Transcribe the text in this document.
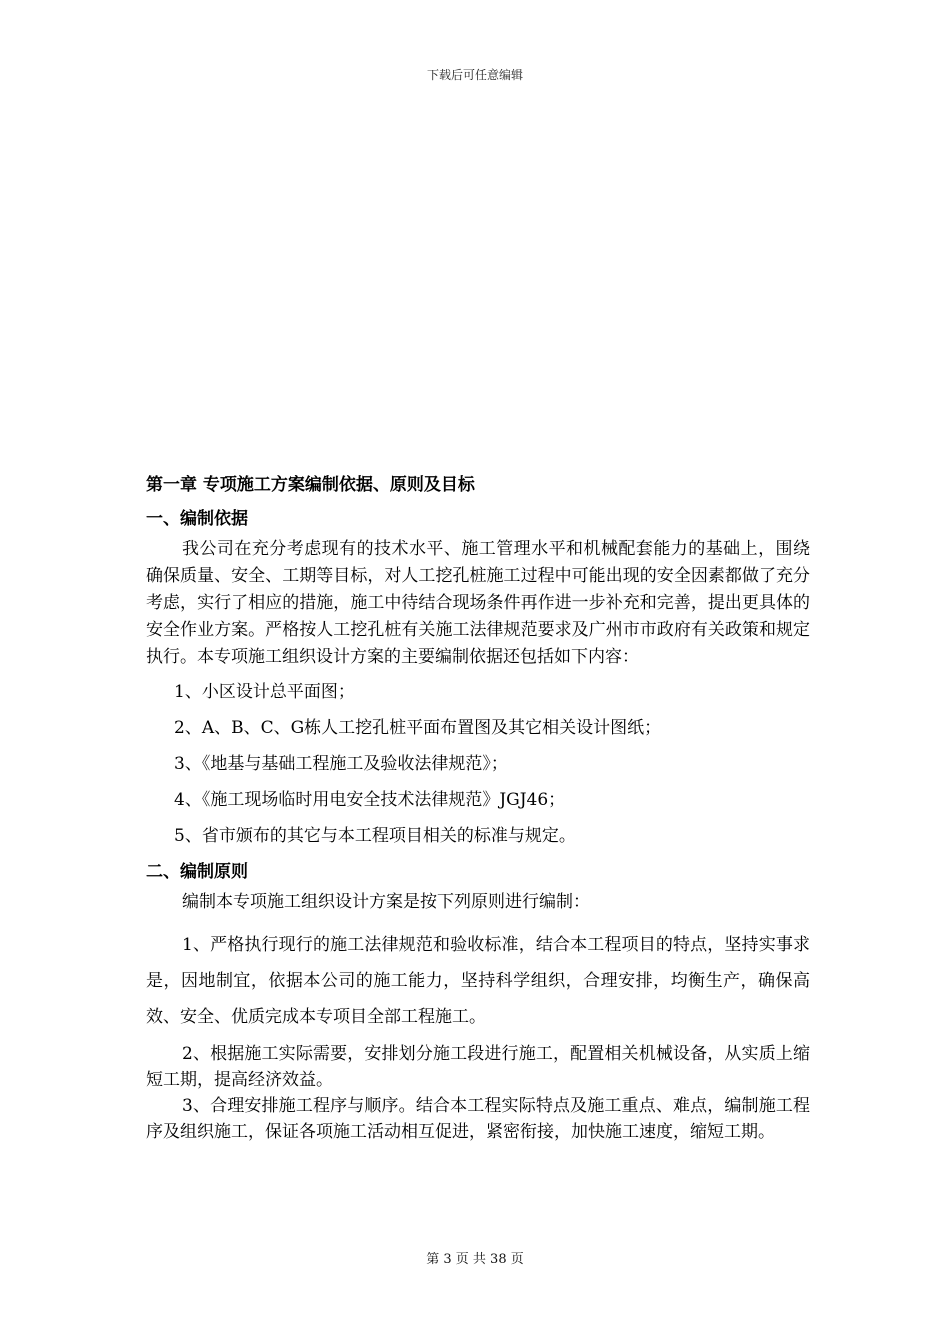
下载后可任意编辑
第一章 专项施工方案编制依据、原则及目标
一、编制依据

我公司在充分考虑现有的技术水平、施工管理水平和机械配套能力的基础上，围绕确保质量、安全、工期等目标，对人工挖孔桩施工过程中可能出现的安全因素都做了充分考虑，实行了相应的措施，施工中待结合现场条件再作进一步补充和完善，提出更具体的安全作业方案。严格按人工挖孔桩有关施工法律规范要求及广州市市政府有关政策和规定执行。本专项施工组织设计方案的主要编制依据还包括如下内容：

1、小区设计总平面图；
2、A、B、C、G栋人工挖孔桩平面布置图及其它相关设计图纸；
3、《地基与基础工程施工及验收法律规范》；
4、《施工现场临时用电安全技术法律规范》JGJ46；
5、省市颁布的其它与本工程项目相关的标准与规定。
二、编制原则

编制本专项施工组织设计方案是按下列原则进行编制：

1、严格执行现行的施工法律规范和验收标准，结合本工程项目的特点，坚持实事求是，因地制宜，依据本公司的施工能力，坚持科学组织，合理安排，均衡生产，确保高效、安全、优质完成本专项目全部工程施工。

2、根据施工实际需要，安排划分施工段进行施工，配置相关机械设备，从实质上缩短工期，提高经济效益。

3、合理安排施工程序与顺序。结合本工程实际特点及施工重点、难点，编制施工程序及组织施工，保证各项施工活动相互促进，紧密衔接，加快施工速度，缩短工期。

第 3 页 共 38 页
